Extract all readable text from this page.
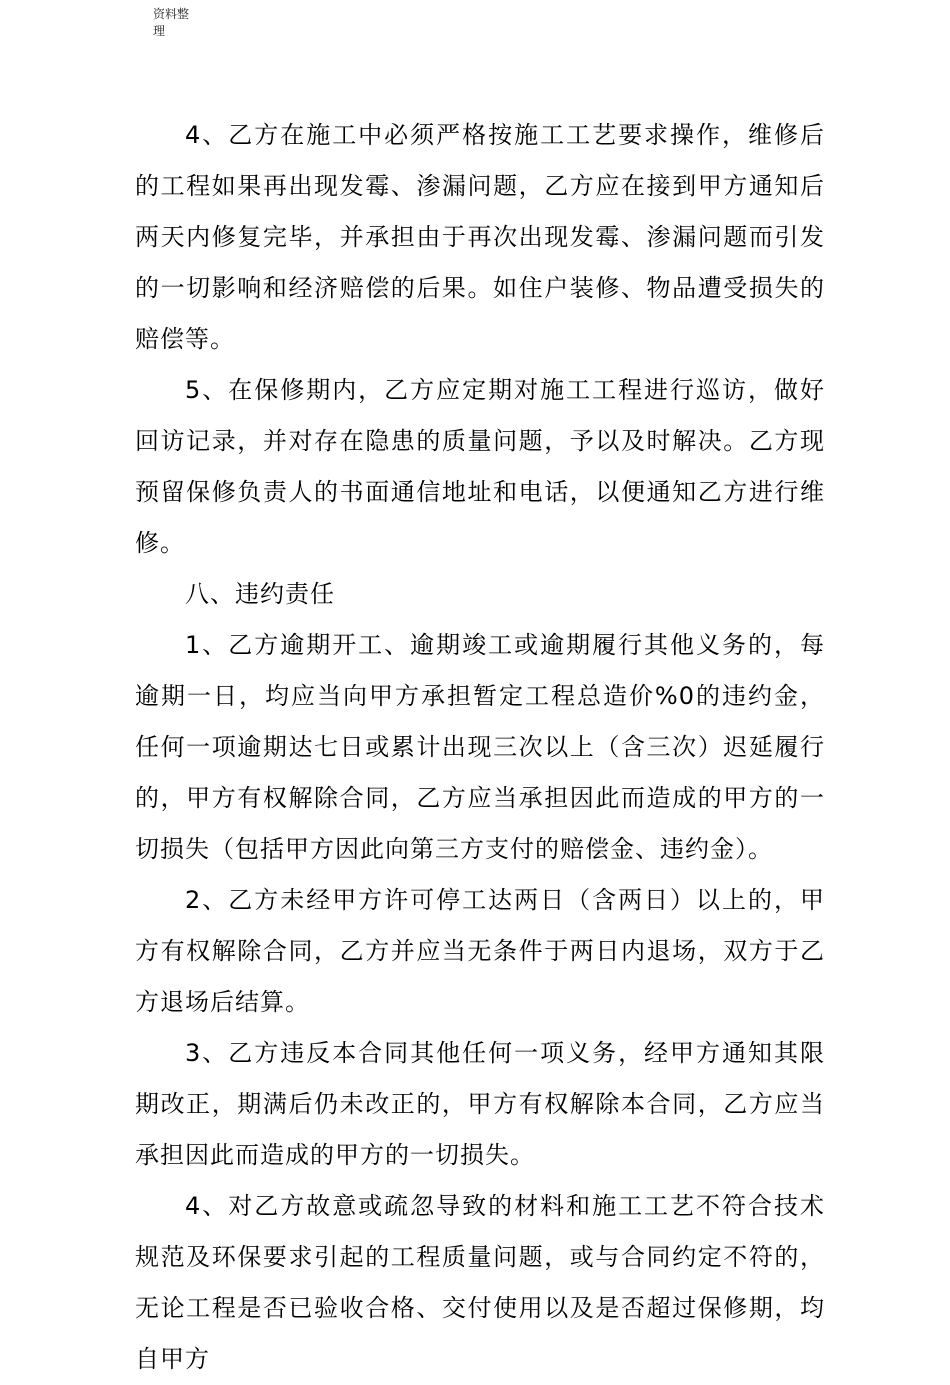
资料整
理

4、乙方在施工中必须严格按施工工艺要求操作，维修后的工程如果再出现发霉、渗漏问题，乙方应在接到甲方通知后两天内修复完毕，并承担由于再次出现发霉、渗漏问题而引发的一切影响和经济赔偿的后果。如住户装修、物品遭受损失的赔偿等。

5、在保修期内，乙方应定期对施工工程进行巡访，做好回访记录，并对存在隐患的质量问题，予以及时解决。乙方现预留保修负责人的书面通信地址和电话，以便通知乙方进行维修。

八、违约责任

1、乙方逾期开工、逾期竣工或逾期履行其他义务的，每逾期一日，均应当向甲方承担暂定工程总造价%0的违约金，任何一项逾期达七日或累计出现三次以上（含三次）迟延履行的，甲方有权解除合同，乙方应当承担因此而造成的甲方的一切损失（包括甲方因此向第三方支付的赔偿金、违约金）。

2、乙方未经甲方许可停工达两日（含两日）以上的，甲方有权解除合同，乙方并应当无条件于两日内退场，双方于乙方退场后结算。

3、乙方违反本合同其他任何一项义务，经甲方通知其限期改正，期满后仍未改正的，甲方有权解除本合同，乙方应当承担因此而造成的甲方的一切损失。

4、对乙方故意或疏忽导致的材料和施工工艺不符合技术规范及环保要求引起的工程质量问题，或与合同约定不符的，无论工程是否已验收合格、交付使用以及是否超过保修期，均自甲方
